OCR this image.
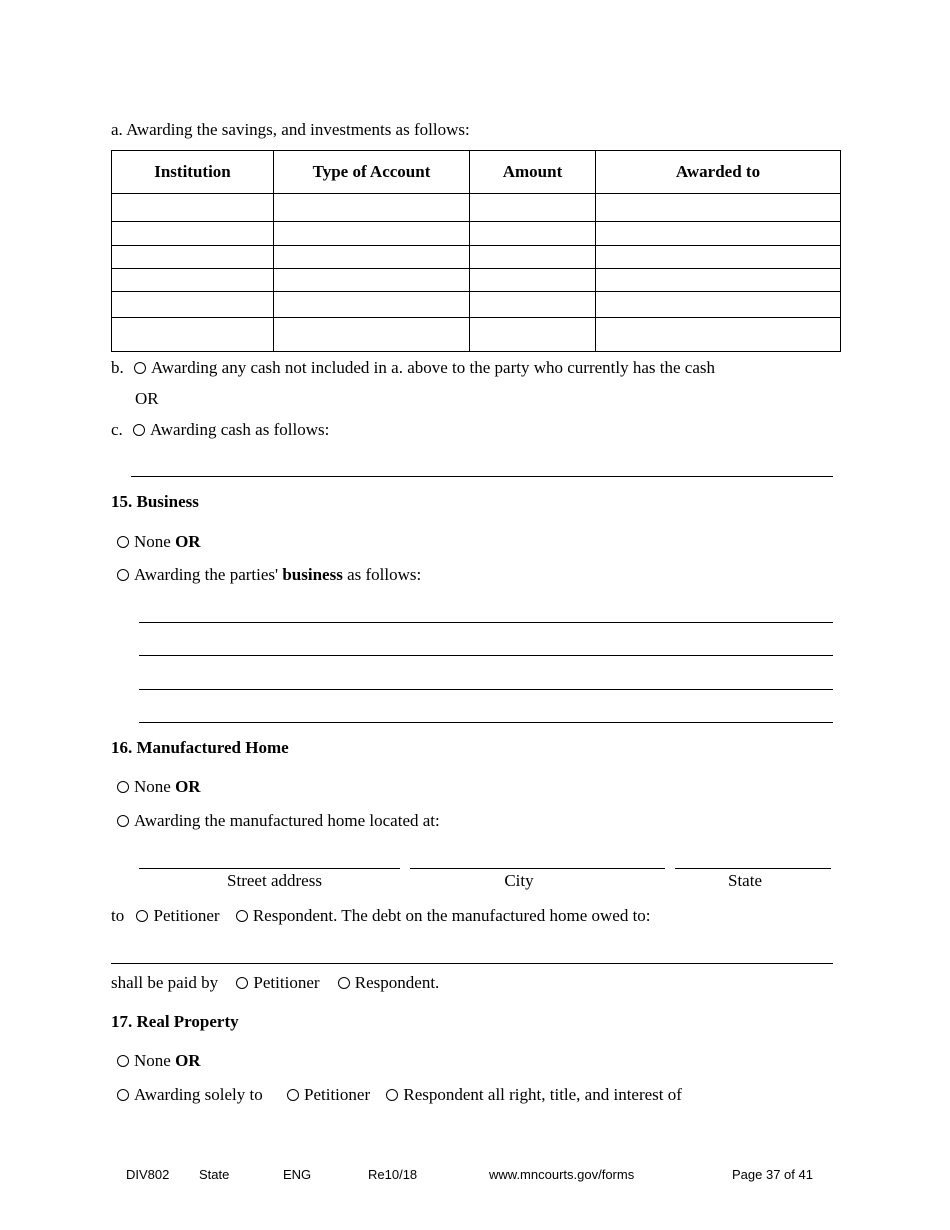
a. Awarding the savings, and investments as follows:
Institution	Type of Account	Amount	Awarded to

b. Awarding any cash not included in a. above to the party who currently has the cash
OR
c. Awarding cash as follows:
15. Business
None OR
Awarding the parties' business as follows:
16. Manufactured Home
None OR
Awarding the manufactured home located at:
Street address	City	State
to Petitioner Respondent. The debt on the manufactured home owed to:
shall be paid by Petitioner Respondent.
17. Real Property
None OR
Awarding solely to Petitioner Respondent all right, title, and interest of
DIV802 State	ENG	Re10/18	www.mncourts.gov/forms	Page 37 of 41
